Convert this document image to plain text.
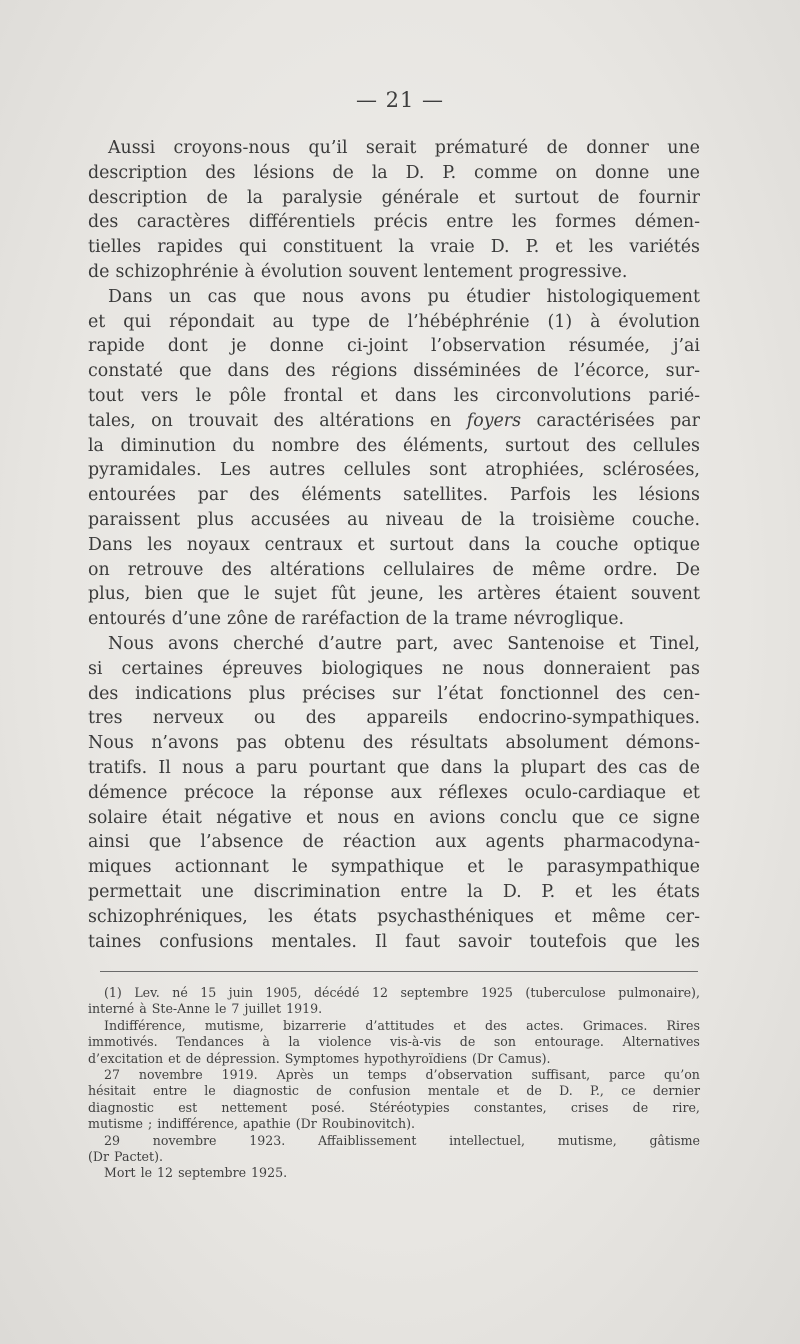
— 21 —
Aussi croyons-nous qu’il serait prématuré de donner une
description des lésions de la D. P. comme on donne une
description de la paralysie générale et surtout de fournir
des caractères différentiels précis entre les formes démen-
tielles rapides qui constituent la vraie D. P. et les variétés
de schizophrénie à évolution souvent lentement progressive.
Dans un cas que nous avons pu étudier histologiquement
et qui répondait au type de l’hébéphrénie (1) à évolution
rapide dont je donne ci-joint l’observation résumée, j’ai
constaté que dans des régions disséminées de l’écorce, sur-
tout vers le pôle frontal et dans les circonvolutions parié-
tales, on trouvait des altérations en foyers caractérisées par
la diminution du nombre des éléments, surtout des cellules
pyramidales. Les autres cellules sont atrophiées, sclérosées,
entourées par des éléments satellites. Parfois les lésions
paraissent plus accusées au niveau de la troisième couche.
Dans les noyaux centraux et surtout dans la couche optique
on retrouve des altérations cellulaires de même ordre. De
plus, bien que le sujet fût jeune, les artères étaient souvent
entourés d’une zône de raréfaction de la trame névroglique.
Nous avons cherché d’autre part, avec Santenoise et Tinel,
si certaines épreuves biologiques ne nous donneraient pas
des indications plus précises sur l’état fonctionnel des cen-
tres nerveux ou des appareils endocrino-sympathiques.
Nous n’avons pas obtenu des résultats absolument démons-
tratifs. Il nous a paru pourtant que dans la plupart des cas de
démence précoce la réponse aux réflexes oculo-cardiaque et
solaire était négative et nous en avions conclu que ce signe
ainsi que l’absence de réaction aux agents pharmacodyna-
miques actionnant le sympathique et le parasympathique
permettait une discrimination entre la D. P. et les états
schizophréniques, les états psychasthéniques et même cer-
taines confusions mentales. Il faut savoir toutefois que les
(1) Lev. né 15 juin 1905, décédé 12 septembre 1925 (tuberculose pulmonaire),
interné à Ste-Anne le 7 juillet 1919.
Indifférence, mutisme, bizarrerie d’attitudes et des actes. Grimaces. Rires
immotivés. Tendances à la violence vis-à-vis de son entourage. Alternatives
d’excitation et de dépression. Symptomes hypothyroïdiens (Dr Camus).
27 novembre 1919. Après un temps d’observation suffisant, parce qu’on
hésitait entre le diagnostic de confusion mentale et de D. P., ce dernier
diagnostic est nettement posé. Stéréotypies constantes, crises de rire,
mutisme ; indifférence, apathie (Dr Roubinovitch).
29	novembre	1923.	Affaiblissement	intellectuel,	mutisme,	gâtisme
(Dr Pactet).
Mort le 12 septembre 1925.
